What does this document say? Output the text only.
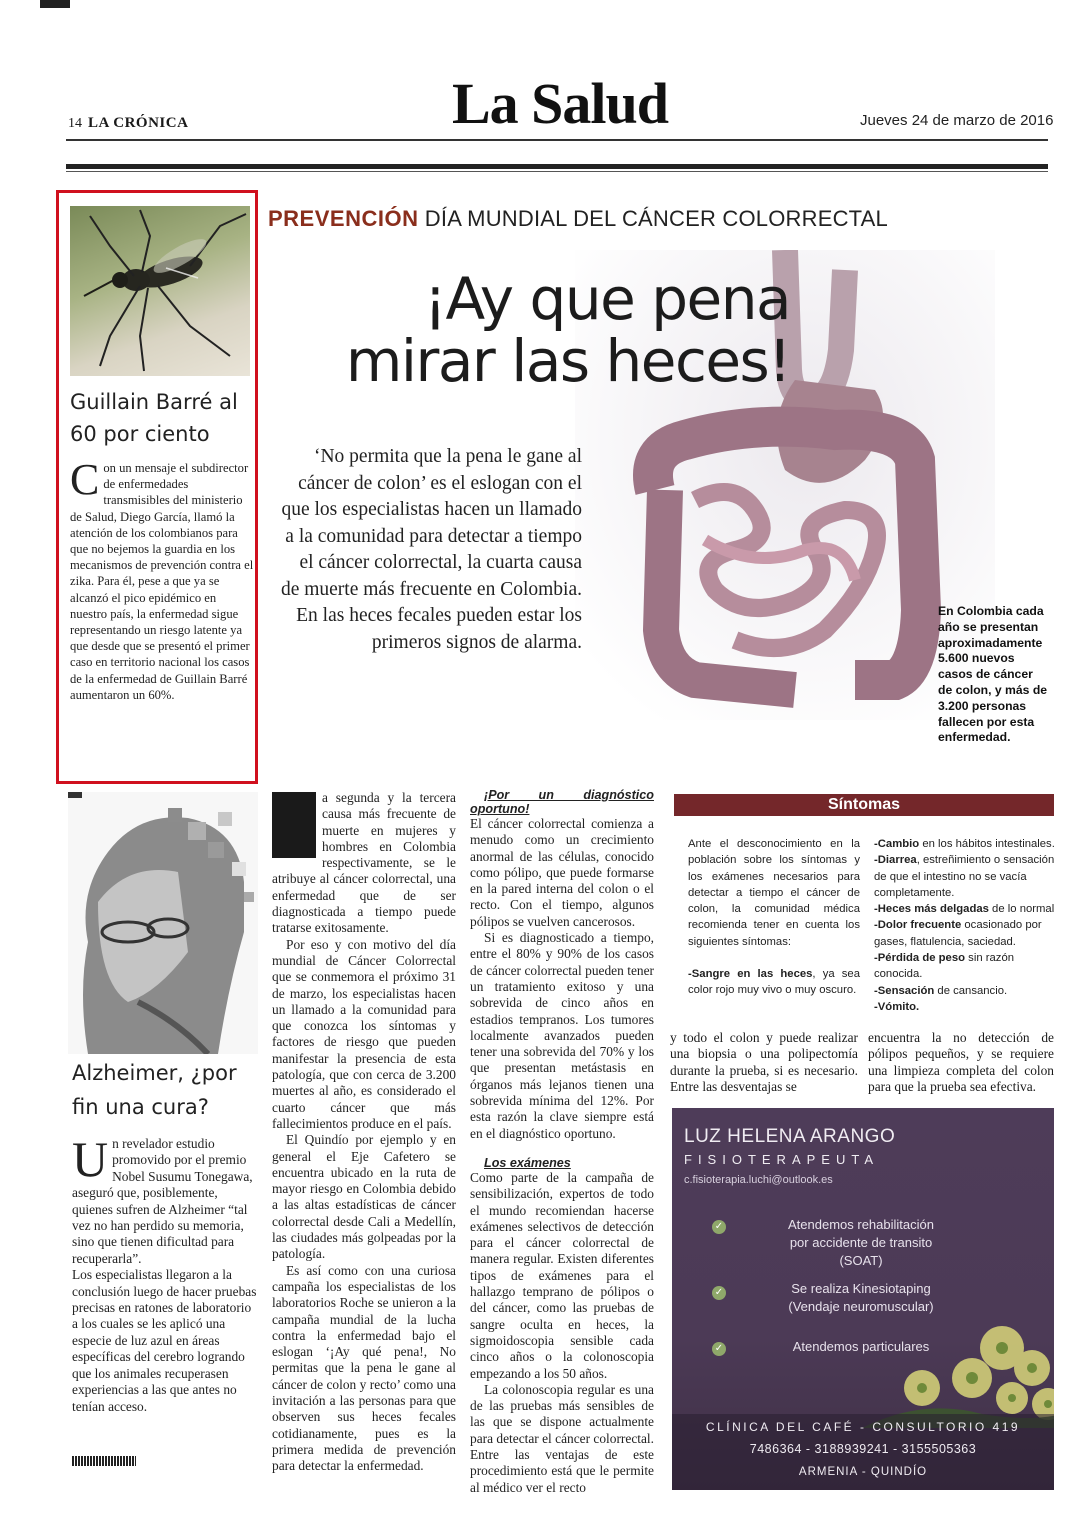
14 LA CRÓNICA	La Salud	Jueves 24 de marzo de 2016
Guillain Barré al 60 por ciento
Con un mensaje el subdirector de enfermedades transmisibles del ministerio de Salud, Diego García, llamó la atención de los colombianos para que no bejemos la guardia en los mecanismos de prevención contra el zika. Para él, pese a que ya se alcanzó el pico epidémico en nuestro país, la enfermedad sigue representando un riesgo latente ya que desde que se presentó el primer caso en territorio nacional los casos de la enfermedad de Guillain Barré aumentaron un 60%.
Alzheimer, ¿por fin una cura?

Un revelador estudio promovido por el premio Nobel Susumu Tonegawa, aseguró que, posiblemente, quienes sufren de Alzheimer “tal vez no han perdido su memoria, sino que tienen dificultad para recuperarla”.

Los especialistas llegaron a la conclusión luego de hacer pruebas precisas en ratones de laboratorio a los cuales se les aplicó una especie de luz azul en áreas específicas del cerebro logrando que los animales recuperasen experiencias a las que antes no tenían acceso.

PREVENCIÓN DÍA MUNDIAL DEL CÁNCER COLORRECTAL
¡Ay que pena
mirar las heces!
‘No permita que la pena le gane al cáncer de colon’ es el eslogan con el que los especialistas hacen un llamado a la comunidad para detectar a tiempo el cáncer colorrectal, la cuarta causa de muerte más frecuente en Colombia. En las heces fecales pueden estar los primeros signos de alarma.
En Colombia cada año se presentan aproximadamente 5.600 nuevos casos de cáncer de colon, y más de 3.200 personas fallecen por esta enfermedad.

a segunda y la tercera causa más frecuente de muerte en mujeres y hombres en Colombia respectivamente, se le atribuye al cáncer colorrectal, una enfermedad que de ser diagnosticada a tiempo puede tratarse exitosamente.

Por eso y con motivo del día mundial de Cáncer Colorrectal que se conmemora el próximo 31 de marzo, los especialistas hacen un llamado a la comunidad para que conozca los síntomas y factores de riesgo que pueden manifestar la presencia de esta patología, que con cerca de 3.200 muertes al año, es considerado el cuarto cáncer que más fallecimientos produce en el país.

El Quindío por ejemplo y en general el Eje Cafetero se encuentra ubicado en la ruta de mayor riesgo en Colombia debido a las altas estadísticas de cáncer colorrectal desde Cali a Medellín, las ciudades más golpeadas por la patología.

Es así como con una curiosa campaña los especialistas de los laboratorios Roche se unieron a la campaña mundial de la lucha contra la enfermedad bajo el eslogan ‘¡Ay qué pena!, No permitas que la pena le gane al cáncer de colon y recto’ como una invitación a las personas para que observen sus heces fecales cotidianamente, pues es la primera medida de prevención para detectar la enfermedad.

¡Por un diagnóstico oportuno!

El cáncer colorrectal comienza a menudo como un crecimiento anormal de las células, conocido como pólipo, que puede formarse en la pared interna del colon o el recto. Con el tiempo, algunos pólipos se vuelven cancerosos.

Si es diagnosticado a tiempo, entre el 80% y 90% de los casos de cáncer colorrectal pueden tener un tratamiento exitoso y una sobrevida de cinco años en estadios tempranos. Los tumores localmente avanzados pueden tener una sobrevida del 70% y los que presentan metástasis en órganos más lejanos tienen una sobrevida mínima del 12%. Por esta razón la clave siempre está en el diagnóstico oportuno.

Los exámenes

Como parte de la campaña de sensibilización, expertos de todo el mundo recomiendan hacerse exámenes selectivos de detección para el cáncer colorrectal de manera regular. Existen diferentes tipos de exámenes para el hallazgo temprano de pólipos o del cáncer, como las pruebas de sangre oculta en heces, la sigmoidoscopia sensible cada cinco años o la colonoscopia empezando a los 50 años.

La colonoscopia regular es una de las pruebas más sensibles de las que se dispone actualmente para detectar el cáncer colorrectal. Entre las ventajas de este procedimiento está que le permite al médico ver el recto

Síntomas
Ante el desconocimiento en la población sobre los síntomas y los exámenes necesarios para detectar a tiempo el cáncer de colon, la comunidad médica recomienda tener en cuenta los siguientes síntomas:
-Sangre en las heces, ya sea color rojo muy vivo o muy oscuro.
-Cambio en los hábitos intestinales.
-Diarrea, estreñimiento o sensación de que el intestino no se vacía completamente.
-Heces más delgadas de lo normal
-Dolor frecuente ocasionado por gases, flatulencia, saciedad.
-Pérdida de peso sin razón conocida.
-Sensación de cansancio.
-Vómito.
y todo el colon y puede realizar una biopsia o una polipectomía durante la prueba, si es necesario. Entre las desventajas se
encuentra la no detección de pólipos pequeños, y se requiere una limpieza completa del colon para que la prueba sea efectiva.
LUZ HELENA ARANGO
FISIOTERAPEUTA
c.fisioterapia.luchi@outlook.es
✓	Atendemos rehabilitación
por accidente de transito
(SOAT)
✓	Se realiza Kinesiotaping
(Vendaje neuromuscular)
✓	Atendemos particulares
CLÍNICA DEL CAFÉ - CONSULTORIO 419
7486364 - 3188939241 - 3155505363
ARMENIA - QUINDÍO
